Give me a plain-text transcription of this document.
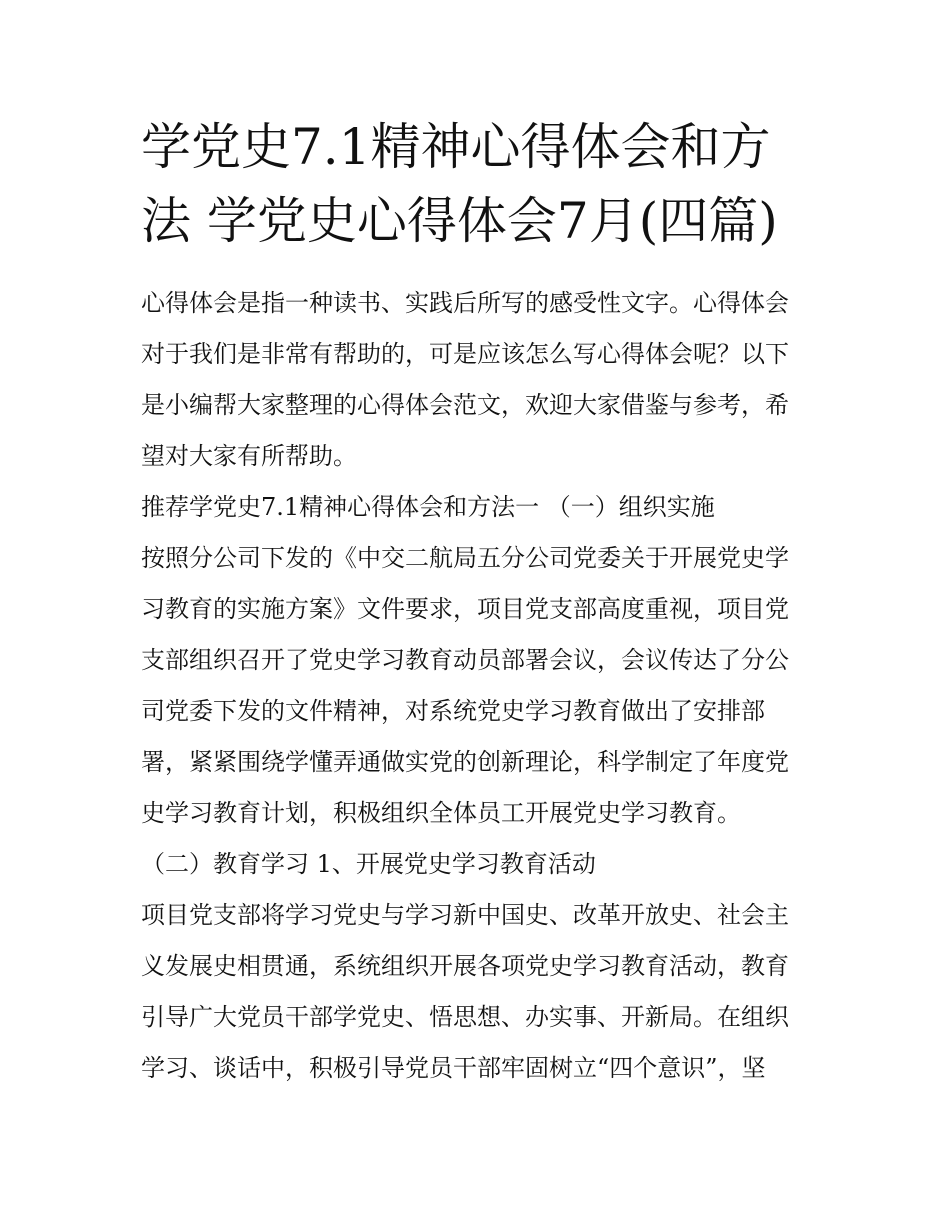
学党史7.1精神心得体会和方
法 学党史心得体会7月(四篇)

心得体会是指一种读书、实践后所写的感受性文字。心得体会
对于我们是非常有帮助的，可是应该怎么写心得体会呢？以下
是小编帮大家整理的心得体会范文，欢迎大家借鉴与参考，希
望对大家有所帮助。

推荐学党史7.1精神心得体会和方法一 （一）组织实施

按照分公司下发的《中交二航局五分公司党委关于开展党史学
习教育的实施方案》文件要求，项目党支部高度重视，项目党
支部组织召开了党史学习教育动员部署会议，会议传达了分公
司党委下发的文件精神，对系统党史学习教育做出了安排部
署，紧紧围绕学懂弄通做实党的创新理论，科学制定了年度党
史学习教育计划，积极组织全体员工开展党史学习教育。

（二）教育学习 1、开展党史学习教育活动

项目党支部将学习党史与学习新中国史、改革开放史、社会主
义发展史相贯通，系统组织开展各项党史学习教育活动，教育
引导广大党员干部学党史、悟思想、办实事、开新局。在组织
学习、谈话中，积极引导党员干部牢固树立“四个意识”，坚
